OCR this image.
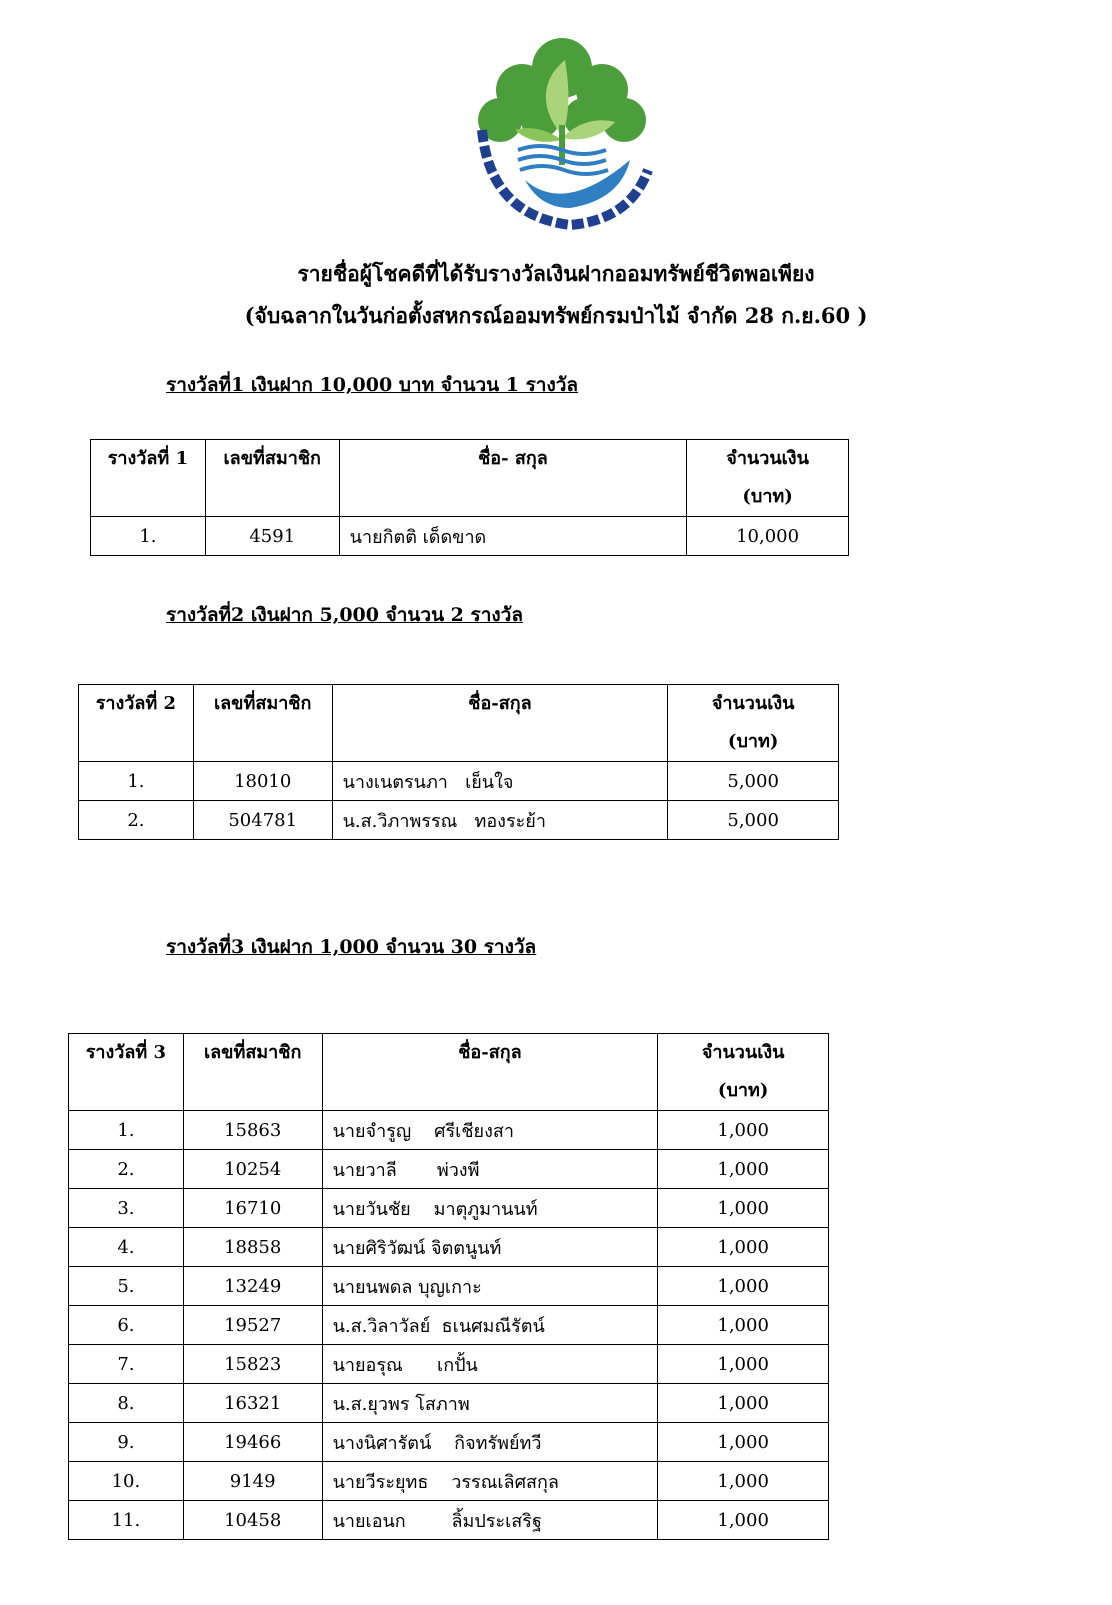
รายชื่อผู้โชคดีที่ได้รับรางวัลเงินฝากออมทรัพย์ชีวิตพอเพียง
(จับฉลากในวันก่อตั้งสหกรณ์ออมทรัพย์กรมป่าไม้ จำกัด 28 ก.ย.60 )
รางวัลที่1 เงินฝาก 10,000 บาท จำนวน 1 รางวัล
รางวัลที่ 1	เลขที่สมาชิก	ชื่อ- สกุล	จำนวนเงิน
(บาท)

1.	4591	นายกิตติ เด็ดขาด	10,000
รางวัลที่2 เงินฝาก 5,000 จำนวน 2 รางวัล
รางวัลที่ 2	เลขที่สมาชิก	ชื่อ-สกุล	จำนวนเงิน
(บาท)

1.	18010	นางเนตรนภา   เย็นใจ	5,000
2.	504781	น.ส.วิภาพรรณ   ทองระย้า	5,000
รางวัลที่3 เงินฝาก 1,000 จำนวน 30 รางวัล
รางวัลที่ 3	เลขที่สมาชิก	ชื่อ-สกุล	จำนวนเงิน
(บาท)

1.	15863	นายจำรูญ    ศรีเชียงสา	1,000
2.	10254	นายวาลี       พ่วงพี	1,000
3.	16710	นายวันชัย    มาตุภูมานนท์	1,000
4.	18858	นายศิริวัฒน์ จิตตนูนท์	1,000
5.	13249	นายนพดล บุญเกาะ	1,000
6.	19527	น.ส.วิลาวัลย์  ธเนศมณีรัตน์	1,000
7.	15823	นายอรุณ      เกปั้น	1,000
8.	16321	น.ส.ยุวพร โสภาพ	1,000
9.	19466	นางนิศารัตน์    กิจทรัพย์ทวี	1,000
10.	9149	นายวีระยุทธ    วรรณเลิศสกุล	1,000
11.	10458	นายเอนก        ลิ้มประเสริฐ	1,000
